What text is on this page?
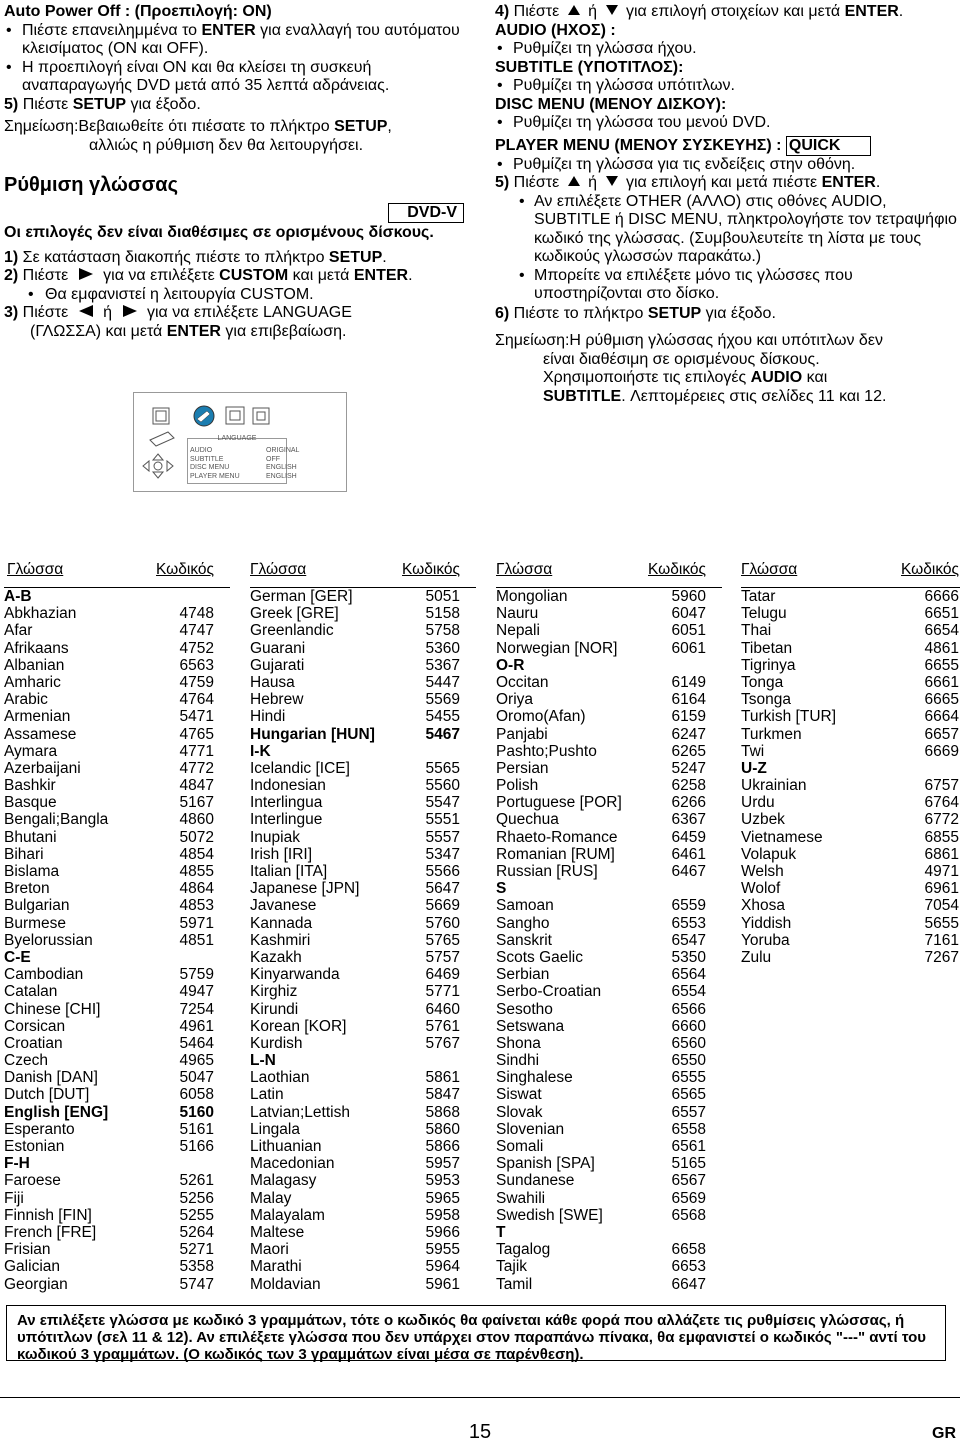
Auto Power Off : (Προεπιλογή: ON)

• Πιέστε επανειλημμένα το ENTER για εναλλαγή του αυτόματου κλεισίματος (ON και OFF).

• Η προεπιλογή είναι ON και θα κλείσει τη συσκευή αναπαραγωγής DVD μετά από 35 λεπτά αδράνειας.

5) Πιέστε SETUP για έξοδο.

Σημείωση:Βεβαιωθείτε ότι πιέσατε το πλήκτρο SETUP,

αλλιώς η ρύθμιση δεν θα λειτουργήσει.

Ρύθμιση γλώσσας

DVD-V

Οι επιλογές δεν είναι διαθέσιμες σε ορισμένους δίσκους.

1) Σε κατάσταση διακοπής πιέστε το πλήκτρο SETUP.

2) Πιέστε  για να επιλέξετε CUSTOM και μετά ENTER.

• Θα εμφανιστεί η λειτουργία CUSTOM.

3) Πιέστε  ή  για να επιλέξετε LANGUAGE

(ΓΛΩΣΣΑ) και μετά ENTER για επιβεβαίωση.

LANGUAGE
AUDIO
SUBTITLE
DISC MENU
PLAYER MENU
ORIGINAL
OFF
ENGLISH
ENGLISH

4) Πιέστε  ή  για επιλογή στοιχείων και μετά ENTER.

AUDIO (ΗΧΟΣ) :

• Ρυθμίζει τη γλώσσα ήχου.

SUBTITLE (ΥΠΟΤΙΤΛΟΣ):

• Ρυθμίζει τη γλώσσα υπότιτλων.

DISC MENU (ΜΕΝΟΥ ΔΙΣΚΟΥ):

• Ρυθμίζει τη γλώσσα του μενού DVD.

PLAYER MENU (ΜΕΝΟΥ ΣΥΣΚΕΥΗΣ) : QUICK

• Ρυθμίζει τη γλώσσα για τις ενδείξεις στην οθόνη.

5) Πιέστε  ή  για επιλογή και μετά πιέστε ENTER.

• Αν επιλέξετε OTHER (ΑΛΛΟ) στις οθόνες AUDIO, SUBTITLE ή DISC MENU, πληκτρολογήστε τον τετραψήφιο κωδικό της γλώσσας. (Συμβουλευτείτε τη λίστα με τους κωδικούς γλωσσών παρακάτω.)

• Μπορείτε να επιλέξετε μόνο τις γλώσσες που υποστηρίζονται στο δίσκο.

6) Πιέστε το πλήκτρο SETUP για έξοδο.

Σημείωση:Η ρύθμιση γλώσσας ήχου και υπότιτλων δεν

είναι διαθέσιμη σε ορισμένους δίσκους.

Χρησιμοποιήστε τις επιλογές AUDIO και

SUBTITLE. Λεπτομέρειες στις σελίδες 11 και 12.

Γλώσσα	Κωδικός
A-B
Abkhazian	4748
Afar	4747
Afrikaans	4752
Albanian	6563
Amharic	4759
Arabic	4764
Armenian	5471
Assamese	4765
Aymara	4771
Azerbaijani	4772
Bashkir	4847
Basque	5167
Bengali;Bangla	4860
Bhutani	5072
Bihari	4854
Bislama	4855
Breton	4864
Bulgarian	4853
Burmese	5971
Byelorussian	4851
C-E
Cambodian	5759
Catalan	4947
Chinese [CHI]	7254
Corsican	4961
Croatian	5464
Czech	4965
Danish [DAN]	5047
Dutch [DUT]	6058
English [ENG]	5160
Esperanto	5161
Estonian	5166
F-H
Faroese	5261
Fiji	5256
Finnish [FIN]	5255
French [FRE]	5264
Frisian	5271
Galician	5358
Georgian	5747
Γλώσσα	Κωδικός
German [GER]	5051
Greek [GRE]	5158
Greenlandic	5758
Guarani	5360
Gujarati	5367
Hausa	5447
Hebrew	5569
Hindi	5455
Hungarian [HUN]	5467
I-K
Icelandic [ICE]	5565
Indonesian	5560
Interlingua	5547
Interlingue	5551
Inupiak	5557
Irish [IRI]	5347
Italian [ITA]	5566
Japanese [JPN]	5647
Javanese	5669
Kannada	5760
Kashmiri	5765
Kazakh	5757
Kinyarwanda	6469
Kirghiz	5771
Kirundi	6460
Korean [KOR]	5761
Kurdish	5767
L-N
Laothian	5861
Latin	5847
Latvian;Lettish	5868
Lingala	5860
Lithuanian	5866
Macedonian	5957
Malagasy	5953
Malay	5965
Malayalam	5958
Maltese	5966
Maori	5955
Marathi	5964
Moldavian	5961
Γλώσσα	Κωδικός
Mongolian	5960
Nauru	6047
Nepali	6051
Norwegian [NOR]	6061
O-R
Occitan	6149
Oriya	6164
Oromo(Afan)	6159
Panjabi	6247
Pashto;Pushto	6265
Persian	5247
Polish	6258
Portuguese [POR]	6266
Quechua	6367
Rhaeto-Romance	6459
Romanian [RUM]	6461
Russian [RUS]	6467
S
Samoan	6559
Sangho	6553
Sanskrit	6547
Scots Gaelic	5350
Serbian	6564
Serbo-Croatian	6554
Sesotho	6566
Setswana	6660
Shona	6560
Sindhi	6550
Singhalese	6555
Siswat	6565
Slovak	6557
Slovenian	6558
Somali	6561
Spanish [SPA]	5165
Sundanese	6567
Swahili	6569
Swedish [SWE]	6568
T
Tagalog	6658
Tajik	6653
Tamil	6647
Γλώσσα	Κωδικός
Tatar	6666
Telugu	6651
Thai	6654
Tibetan	4861
Tigrinya	6655
Tonga	6661
Tsonga	6665
Turkish [TUR]	6664
Turkmen	6657
Twi	6669
U-Z
Ukrainian	6757
Urdu	6764
Uzbek	6772
Vietnamese	6855
Volapuk	6861
Welsh	4971
Wolof	6961
Xhosa	7054
Yiddish	5655
Yoruba	7161
Zulu	7267
Αν επιλέξετε γλώσσα με κωδικό 3 γραμμάτων, τότε ο κωδικός θα φαίνεται κάθε φορά που αλλάζετε τις ρυθμίσεις γλώσσας, ή υπότιτλων (σελ 11 & 12). Αν επιλέξετε γλώσσα που δεν υπάρχει στον παραπάνω πίνακα, θα εμφανιστεί ο κωδικός "---" αντί του κωδικού 3 γραμμάτων. (Ο κωδικός των 3 γραμμάτων είναι μέσα σε παρένθεση).
15	GR
